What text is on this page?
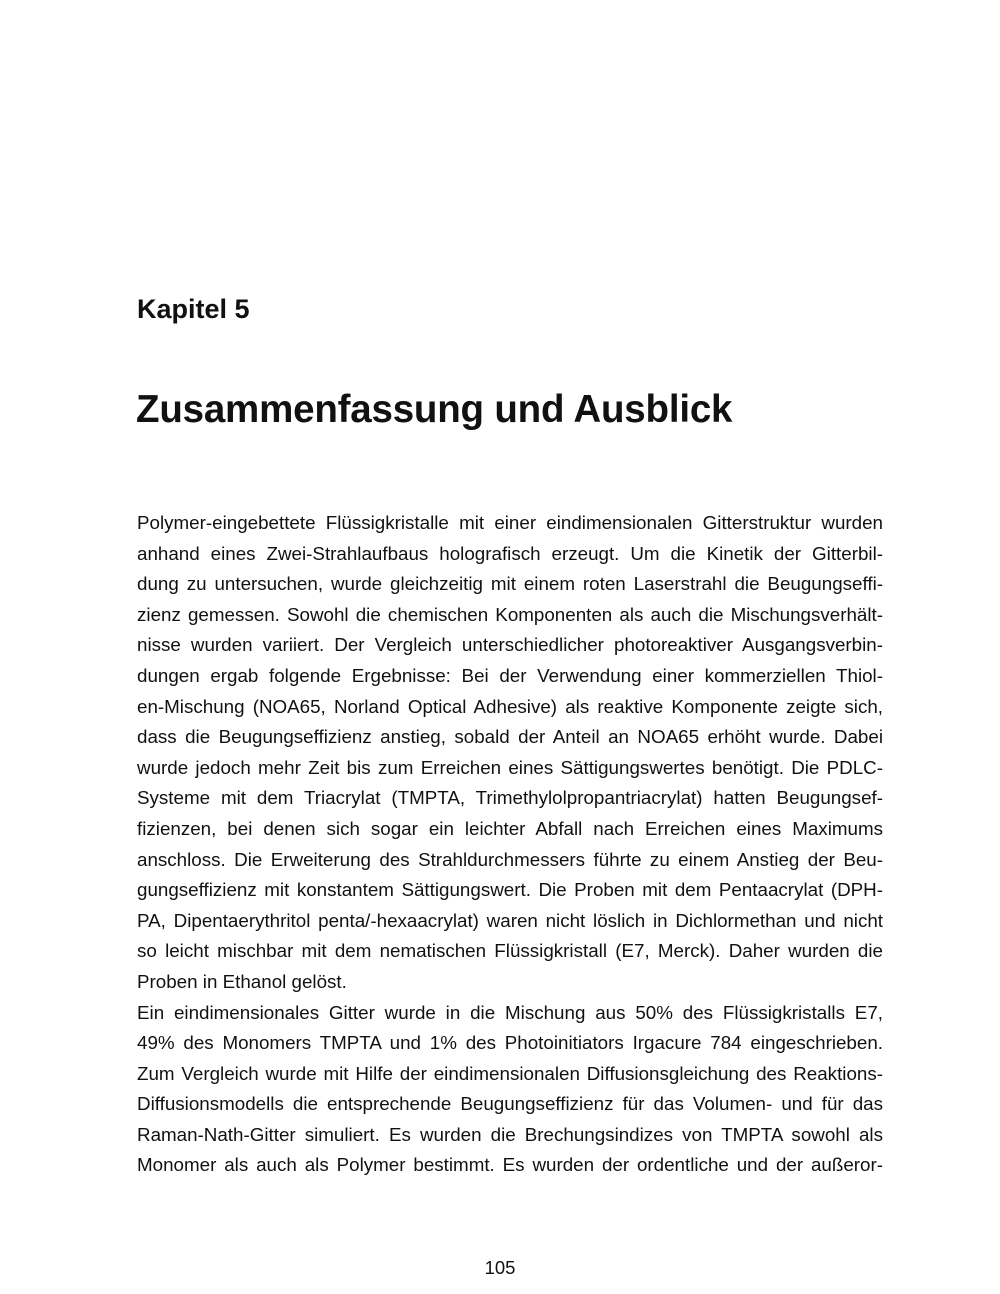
Kapitel 5
Zusammenfassung und Ausblick
Polymer-eingebettete Flüssigkristalle mit einer eindimensionalen Gitterstruktur wurden
anhand eines Zwei-Strahlaufbaus holografisch erzeugt. Um die Kinetik der Gitterbil-
dung zu untersuchen, wurde gleichzeitig mit einem roten Laserstrahl die Beugungseffi-
zienz gemessen. Sowohl die chemischen Komponenten als auch die Mischungsverhält-
nisse wurden variiert. Der Vergleich unterschiedlicher photoreaktiver Ausgangsverbin-
dungen ergab folgende Ergebnisse: Bei der Verwendung einer kommerziellen Thiol-
en-Mischung (NOA65, Norland Optical Adhesive) als reaktive Komponente zeigte sich,
dass die Beugungseffizienz anstieg, sobald der Anteil an NOA65 erhöht wurde. Dabei
wurde jedoch mehr Zeit bis zum Erreichen eines Sättigungswertes benötigt. Die PDLC-
Systeme mit dem Triacrylat (TMPTA, Trimethylolpropantriacrylat) hatten Beugungsef-
fizienzen, bei denen sich sogar ein leichter Abfall nach Erreichen eines Maximums
anschloss. Die Erweiterung des Strahldurchmessers führte zu einem Anstieg der Beu-
gungseffizienz mit konstantem Sättigungswert. Die Proben mit dem Pentaacrylat (DPH-
PA, Dipentaerythritol penta/-hexaacrylat) waren nicht löslich in Dichlormethan und nicht
so leicht mischbar mit dem nematischen Flüssigkristall (E7, Merck). Daher wurden die
Proben in Ethanol gelöst.
Ein eindimensionales Gitter wurde in die Mischung aus 50% des Flüssigkristalls E7,
49% des Monomers TMPTA und 1% des Photoinitiators Irgacure 784 eingeschrieben.
Zum Vergleich wurde mit Hilfe der eindimensionalen Diffusionsgleichung des Reaktions-
Diffusionsmodells die entsprechende Beugungseffizienz für das Volumen- und für das
Raman-Nath-Gitter simuliert. Es wurden die Brechungsindizes von TMPTA sowohl als
Monomer als auch als Polymer bestimmt. Es wurden der ordentliche und der außeror-

105
